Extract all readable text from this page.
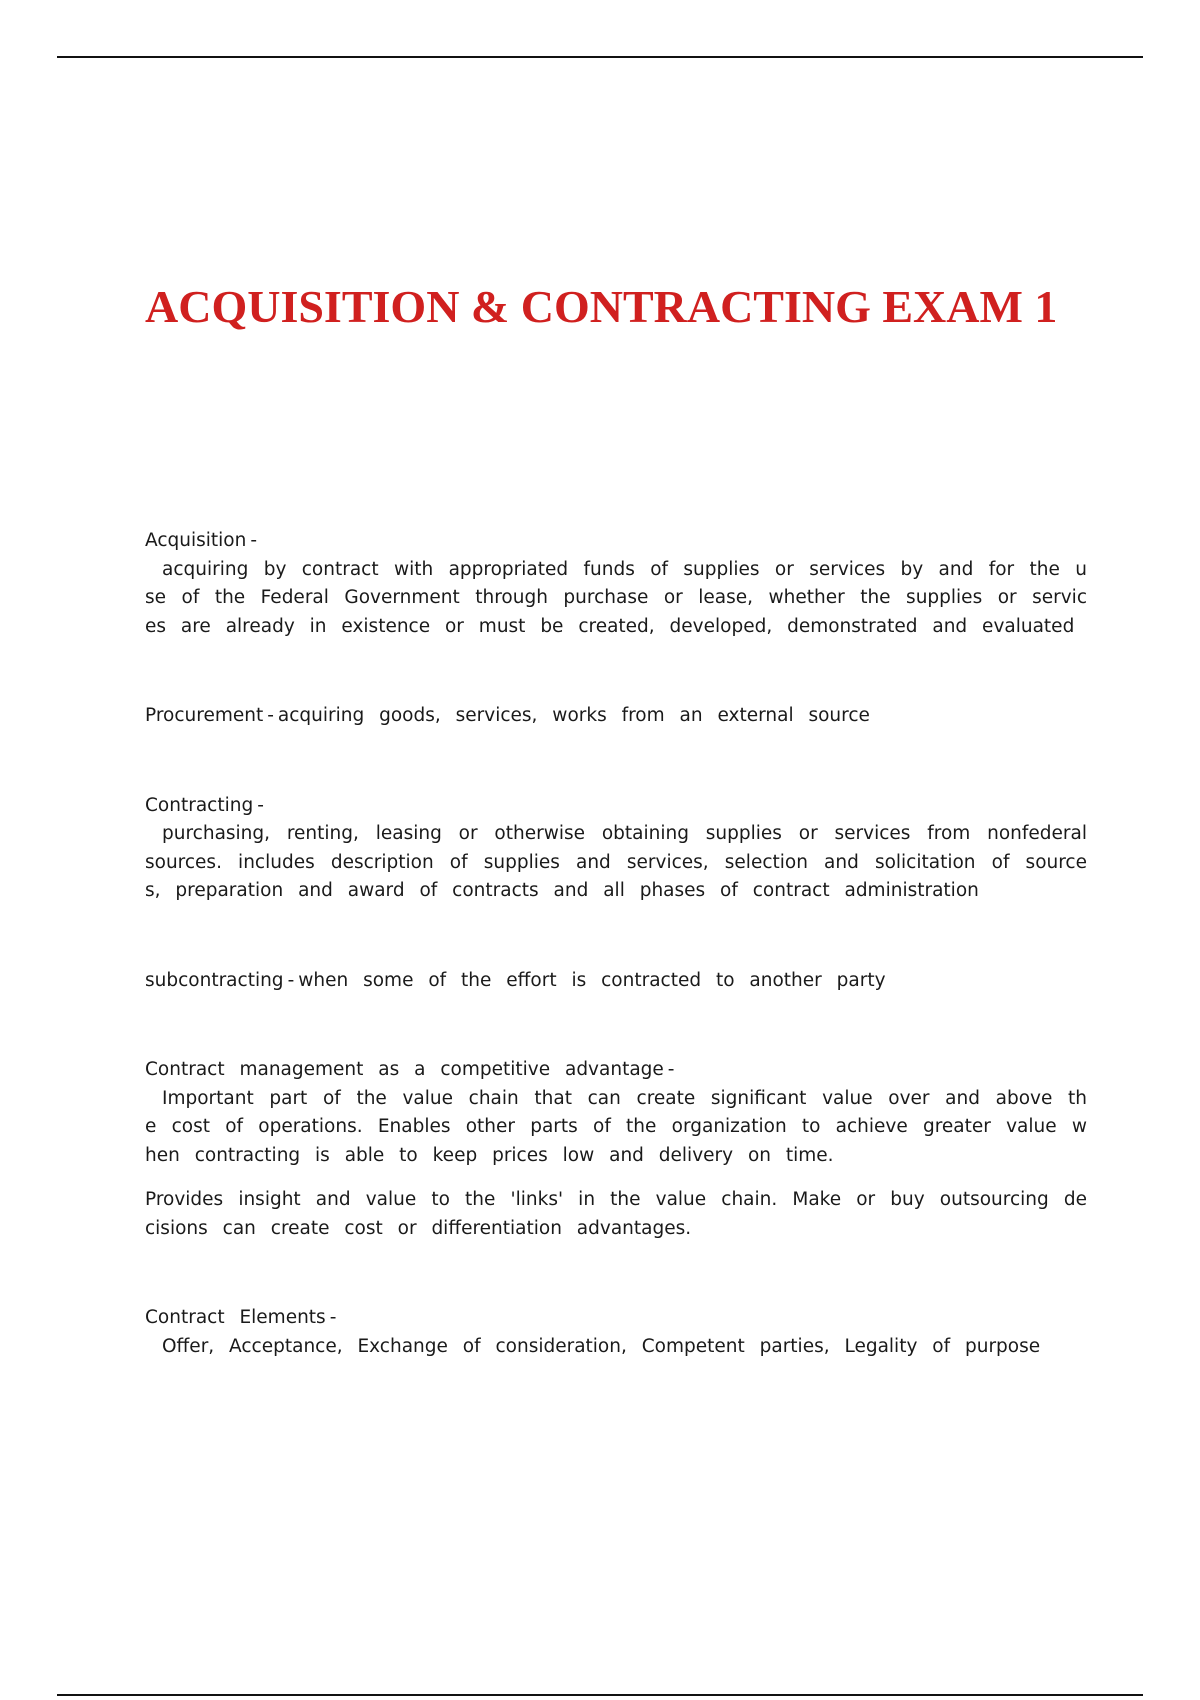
ACQUISITION & CONTRACTING EXAM 1

Acquisition -

acquiring by contract with appropriated funds of supplies or services by and for the use of the Federal Government through purchase or lease, whether the supplies or services are already in existence or must be created, developed, demonstrated and evaluated

Procurement - acquiring goods, services, works from an external source

Contracting -

purchasing, renting, leasing or otherwise obtaining supplies or services from nonfederal sources. includes description of supplies and services, selection and solicitation of sources, preparation and award of contracts and all phases of contract administration

subcontracting - when some of the effort is contracted to another party

Contract management as a competitive advantage -

Important part of the value chain that can create significant value over and above the cost of operations. Enables other parts of the organization to achieve greater value when contracting is able to keep prices low and delivery on time.

Provides insight and value to the 'links' in the value chain. Make or buy outsourcing decisions can create cost or differentiation advantages.

Contract Elements -

Offer, Acceptance, Exchange of consideration, Competent parties, Legality of purpose
